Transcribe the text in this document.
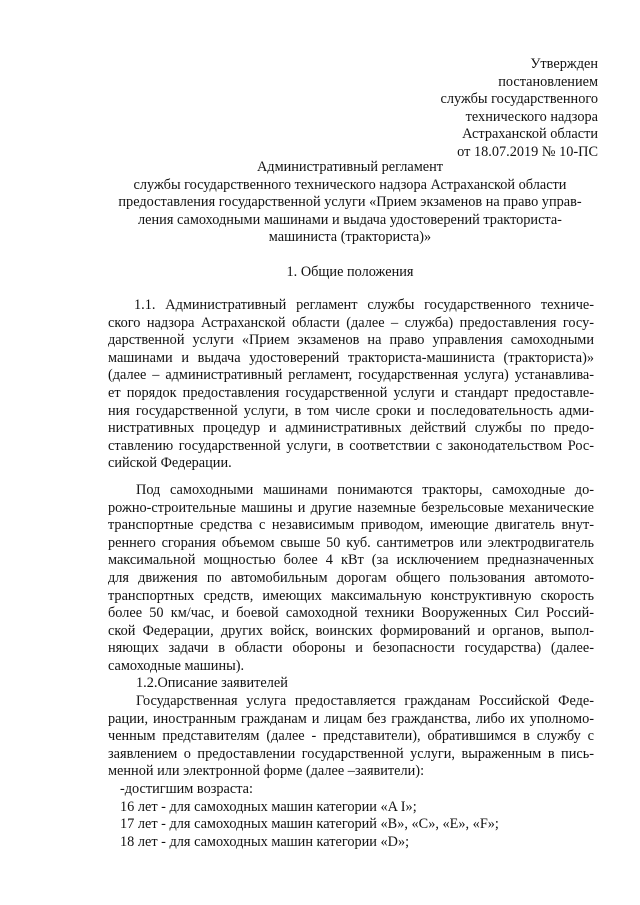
Утвержден
постановлением
службы государственного
технического надзора
Астраханской области
от 18.07.2019 № 10-ПС
Административный регламент
службы государственного технического надзора Астраханской области
предоставления государственной услуги «Прием экзаменов на право управ-
ления самоходными машинами и выдача удостоверений тракториста-
машиниста (тракториста)»
1. Общие положения
1.1. Административный регламент службы государственного техниче-
ского надзора Астраханской области (далее – служба) предоставления госу-
дарственной услуги «Прием экзаменов на право управления самоходными
машинами и выдача удостоверений тракториста-машиниста (тракториста)»
(далее – административный регламент, государственная услуга) устанавлива-
ет порядок предоставления государственной услуги и стандарт предоставле-
ния государственной услуги, в том числе сроки и последовательность адми-
нистративных процедур и административных действий службы по предо-
ставлению государственной услуги, в соответствии с законодательством Рос-
сийской Федерации.
Под самоходными машинами понимаются тракторы, самоходные до-
рожно-строительные машины и другие наземные безрельсовые механические
транспортные средства с независимым приводом, имеющие двигатель внут-
реннего сгорания объемом свыше 50 куб. сантиметров или электродвигатель
максимальной мощностью более 4 кВт (за исключением предназначенных
для движения по автомобильным дорогам общего пользования автомото-
транспортных средств, имеющих максимальную конструктивную скорость
более 50 км/час, и боевой самоходной техники Вооруженных Сил Россий-
ской Федерации, других войск, воинских формирований и органов, выпол-
няющих задачи в области обороны и безопасности государства) (далее-
самоходные машины).
1.2.Описание заявителей
Государственная услуга предоставляется гражданам Российской Феде-
рации, иностранным гражданам и лицам без гражданства, либо их уполномо-
ченным представителям (далее - представители), обратившимся в службу с
заявлением о предоставлении государственной услуги, выраженным в пись-
менной или электронной форме (далее –заявители):
-достигшим возраста:
16 лет - для самоходных машин категории «A I»;
17 лет - для самоходных машин категорий «B», «C», «E», «F»;
18 лет - для самоходных машин категории «D»;
